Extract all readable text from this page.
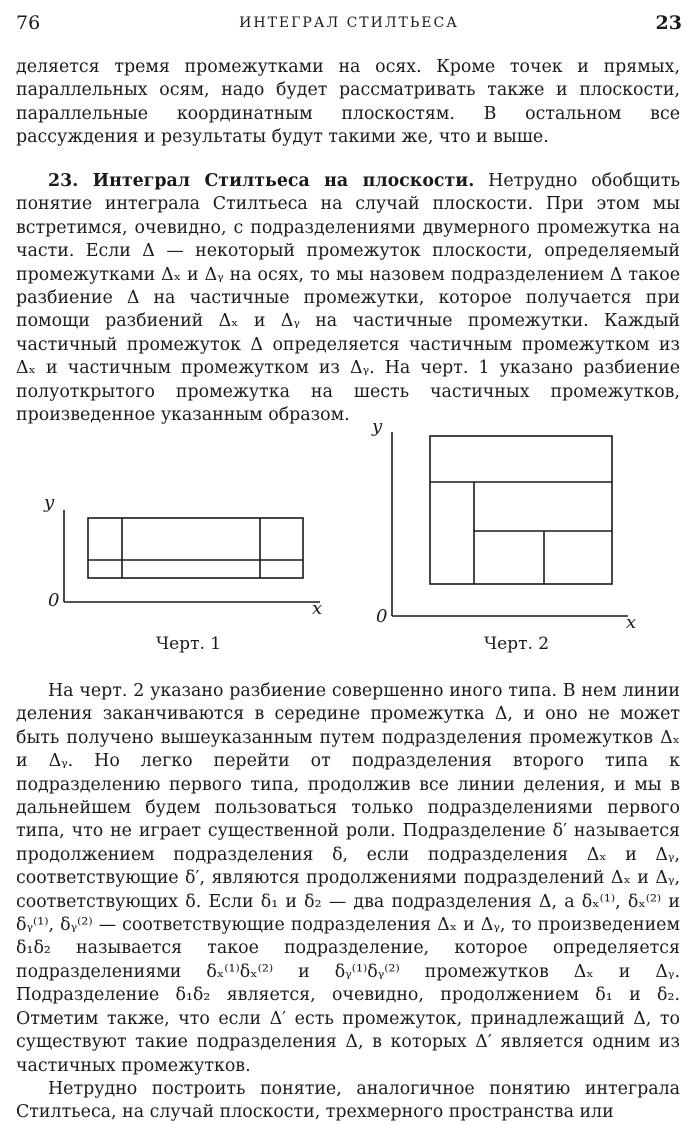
76	ИНТЕГРАЛ СТИЛТЬЕСА	23

деляется тремя промежутками на осях. Кроме точек и прямых, параллельных осям, надо будет рассматривать также и плоскости, параллельные координатным плоскостям. В остальном все рассуждения и результаты будут такими же, что и выше.

23. Интеграл Стилтьеса на плоскости. Нетрудно обобщить понятие интеграла Стилтьеса на случай плоскости. При этом мы встретимся, очевидно, с подразделениями двумерного промежутка на части. Если Δ — некоторый промежуток плоскости, определяемый промежутками Δₓ и Δᵧ на осях, то мы назовем подразделением Δ такое разбиение Δ на частичные промежутки, которое получается при помощи разбиений Δₓ и Δᵧ на частичные промежутки. Каждый частичный промежуток Δ определяется частичным промежутком из Δₓ и частичным промежутком из Δᵧ. На черт. 1 указано разбиение полуоткрытого промежутка на шесть частичных промежутков, произведенное указанным образом.

y
0	x
Черт. 1
y
0	x
Черт. 2

На черт. 2 указано разбиение совершенно иного типа. В нем линии деления заканчиваются в середине промежутка Δ, и оно не может быть получено вышеуказанным путем подразделения промежутков Δₓ и Δᵧ. Но легко перейти от подразделения второго типа к подразделению первого типа, продолжив все линии деления, и мы в дальнейшем будем пользоваться только подразделениями первого типа, что не играет существенной роли. Подразделение δ′ называется продолжением подразделения δ, если подразделения Δₓ и Δᵧ, соответствующие δ′, являются продолжениями подразделений Δₓ и Δᵧ, соответствующих δ. Если δ₁ и δ₂ — два подразделения Δ, а δₓ⁽¹⁾, δₓ⁽²⁾ и δᵧ⁽¹⁾, δᵧ⁽²⁾ — соответствующие подразделения Δₓ и Δᵧ, то произведением δ₁δ₂ называется такое подразделение, которое определяется подразделениями δₓ⁽¹⁾δₓ⁽²⁾ и δᵧ⁽¹⁾δᵧ⁽²⁾ промежутков Δₓ и Δᵧ. Подразделение δ₁δ₂ является, очевидно, продолжением δ₁ и δ₂. Отметим также, что если Δ′ есть промежуток, принадлежащий Δ, то существуют такие подразделения Δ, в которых Δ′ является одним из частичных промежутков.

Нетрудно построить понятие, аналогичное понятию интеграла Стилтьеса, на случай плоскости, трехмерного пространства или
